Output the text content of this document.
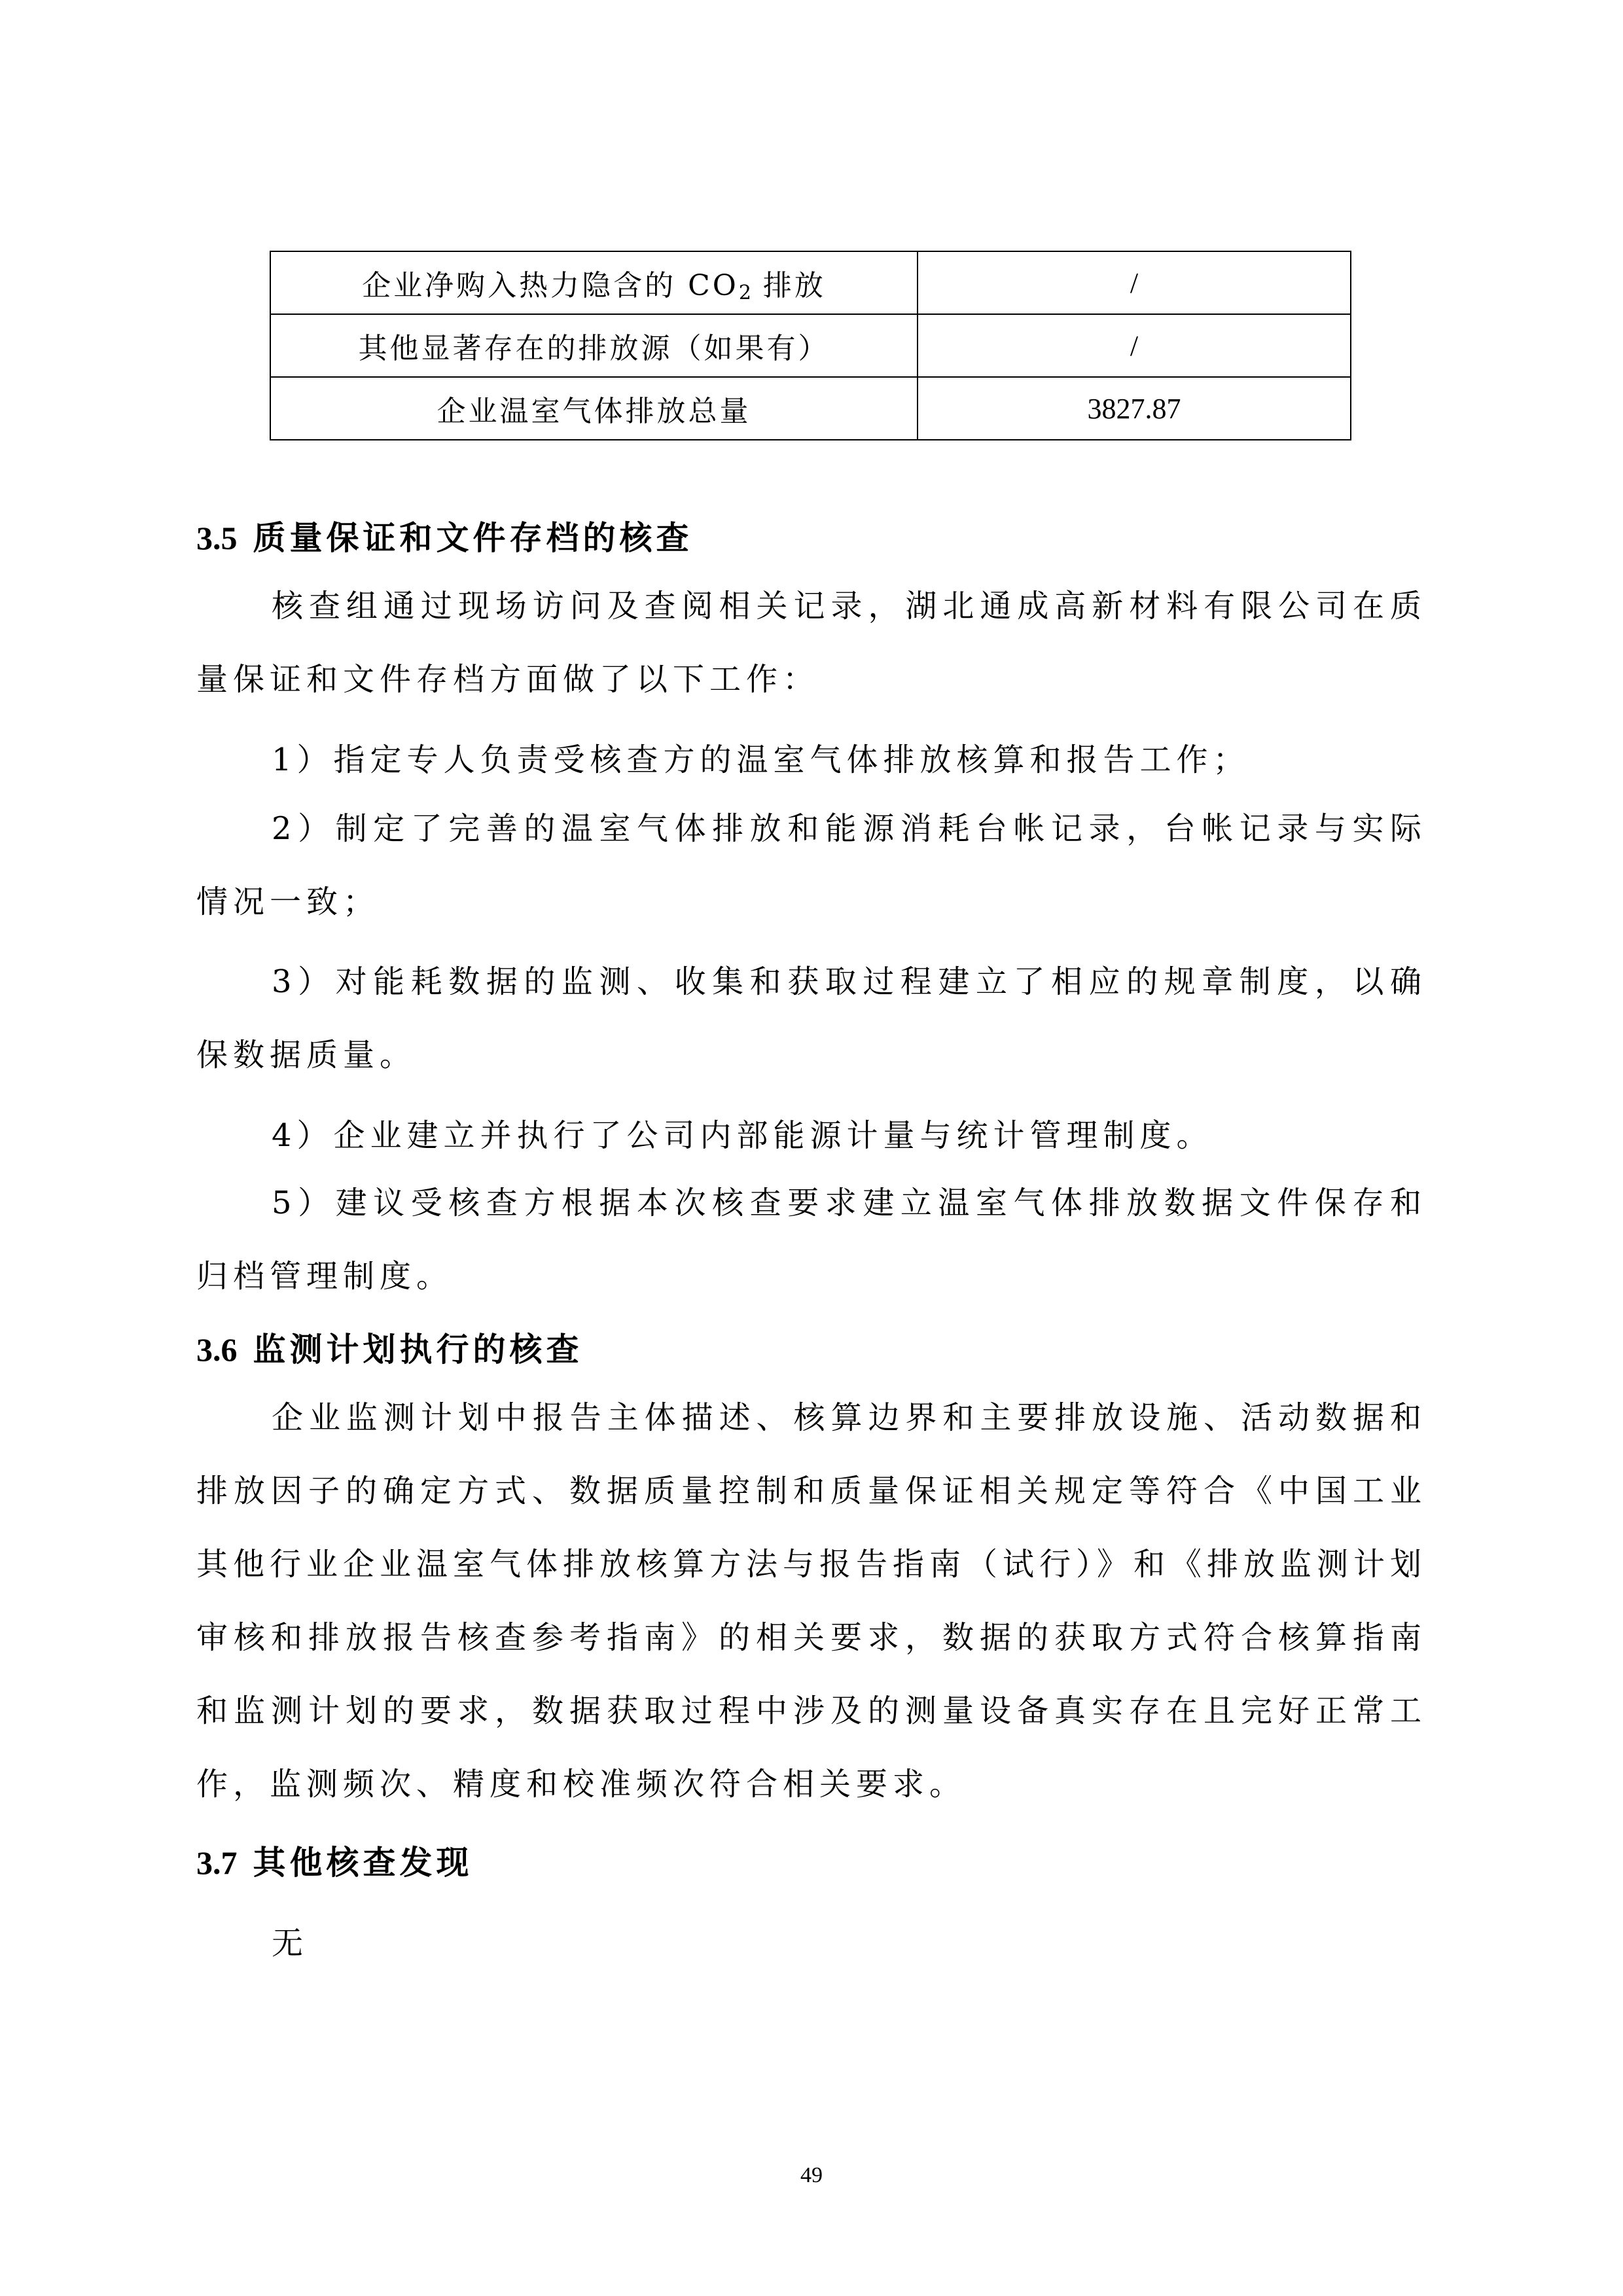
企业净购入热力隐含的 $CO_2$ 排放	/
其他显著存在的排放源（如果有）	/
企业温室气体排放总量	3827.87
3.5 质量保证和文件存档的核查

核查组通过现场访问及查阅相关记录，湖北通成高新材料有限公司在质量保证和文件存档方面做了以下工作：

1）指定专人负责受核查方的温室气体排放核算和报告工作；

2）制定了完善的温室气体排放和能源消耗台帐记录，台帐记录与实际情况一致；

3）对能耗数据的监测、收集和获取过程建立了相应的规章制度，以确保数据质量。

4）企业建立并执行了公司内部能源计量与统计管理制度。

5）建议受核查方根据本次核查要求建立温室气体排放数据文件保存和归档管理制度。

3.6 监测计划执行的核查

企业监测计划中报告主体描述、核算边界和主要排放设施、活动数据和排放因子的确定方式、数据质量控制和质量保证相关规定等符合《中国工业其他行业企业温室气体排放核算方法与报告指南（试行）》和《排放监测计划审核和排放报告核查参考指南》的相关要求，数据的获取方式符合核算指南和监测计划的要求，数据获取过程中涉及的测量设备真实存在且完好正常工作，监测频次、精度和校准频次符合相关要求。

3.7 其他核查发现
无
49
